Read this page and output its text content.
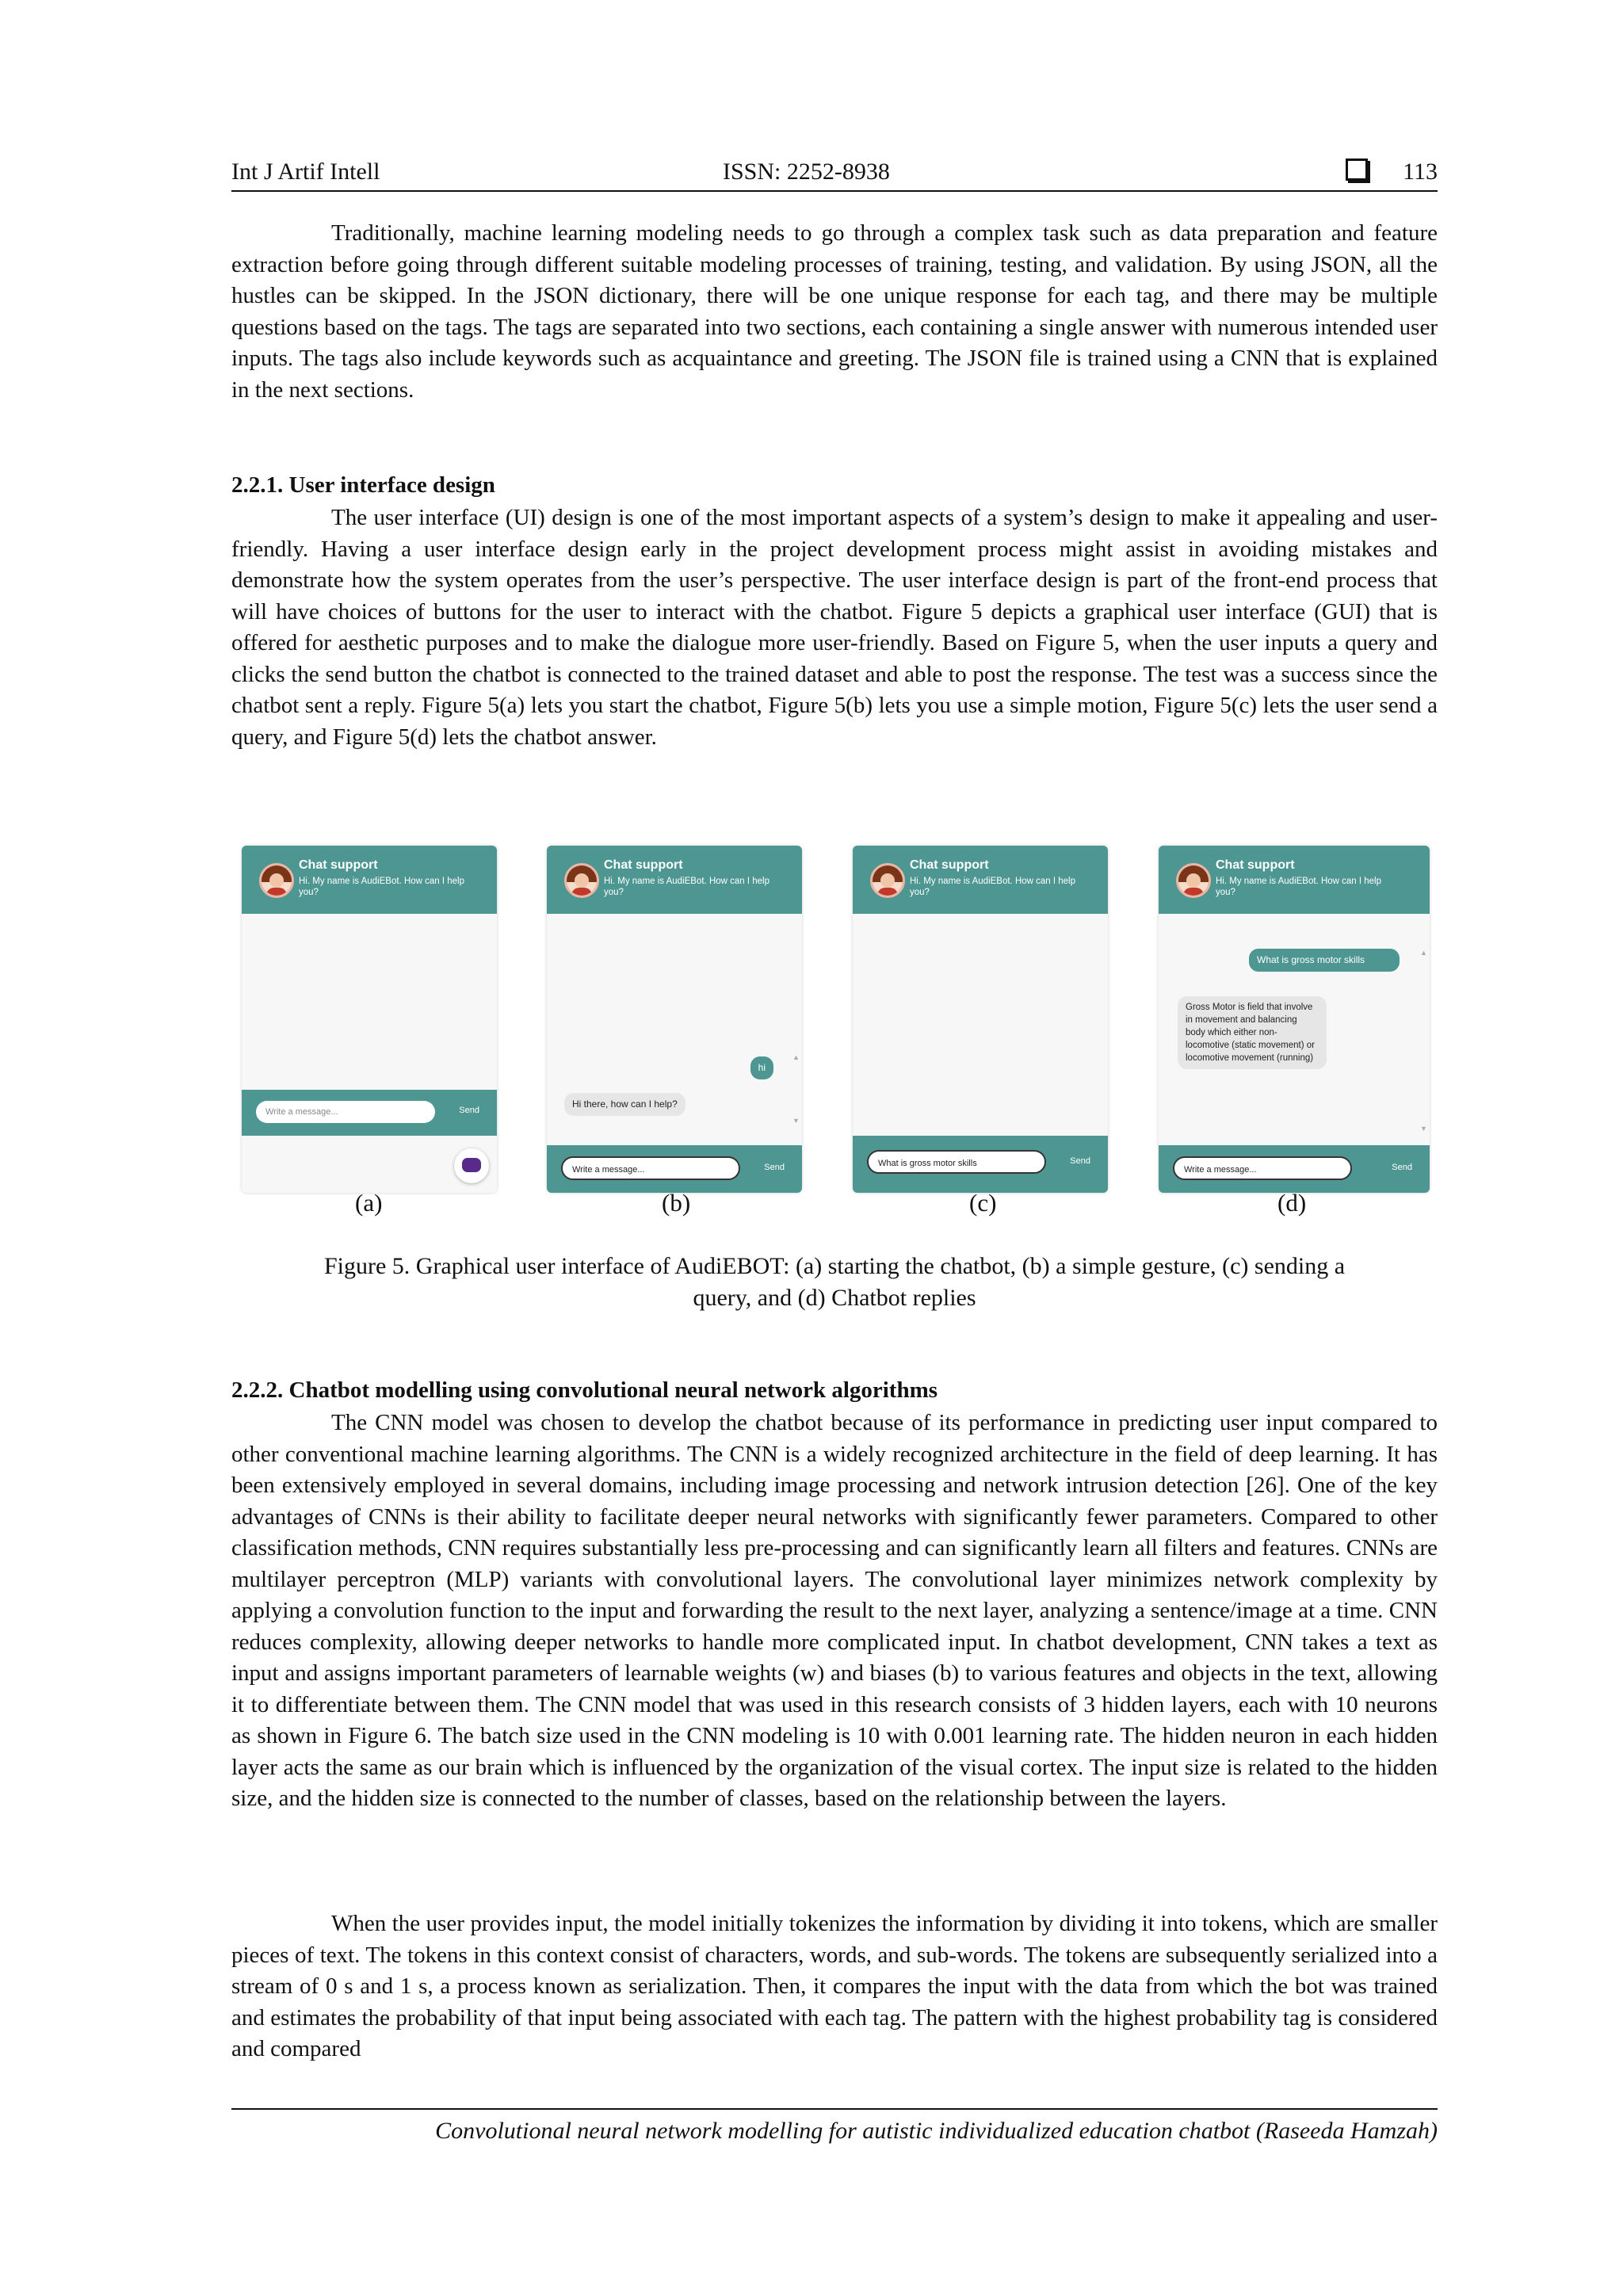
Int J Artif Intell	ISSN: 2252-8938	113
Traditionally, machine learning modeling needs to go through a complex task such as data preparation and feature extraction before going through different suitable modeling processes of training, testing, and validation. By using JSON, all the hustles can be skipped. In the JSON dictionary, there will be one unique response for each tag, and there may be multiple questions based on the tags. The tags are separated into two sections, each containing a single answer with numerous intended user inputs. The tags also include keywords such as acquaintance and greeting. The JSON file is trained using a CNN that is explained in the next sections.
2.2.1. User interface design
The user interface (UI) design is one of the most important aspects of a system’s design to make it appealing and user-friendly. Having a user interface design early in the project development process might assist in avoiding mistakes and demonstrate how the system operates from the user’s perspective. The user interface design is part of the front-end process that will have choices of buttons for the user to interact with the chatbot. Figure 5 depicts a graphical user interface (GUI) that is offered for aesthetic purposes and to make the dialogue more user-friendly. Based on Figure 5, when the user inputs a query and clicks the send button the chatbot is connected to the trained dataset and able to post the response. The test was a success since the chatbot sent a reply. Figure 5(a) lets you start the chatbot, Figure 5(b) lets you use a simple motion, Figure 5(c) lets the user send a query, and Figure 5(d) lets the chatbot answer.
Chat support
Hi. My name is AudiEBot. How can I help you?
Write a message...	Send
Chat support
Hi. My name is AudiEBot. How can I help you?
hi
Hi there, how can I help?
▲
▼
Write a message...	Send
Chat support
Hi. My name is AudiEBot. How can I help you?
What is gross motor skills	Send
Chat support
Hi. My name is AudiEBot. How can I help you?
What is gross motor skills
Gross Motor is field that involve in movement and balancing body which either non-locomotive (static movement) or locomotive movement (running)
▲
▼
Write a message...	Send
(a)	(b)	(c)	(d)
Figure 5. Graphical user interface of AudiEBOT: (a) starting the chatbot, (b) a simple gesture, (c) sending a
query, and (d) Chatbot replies
2.2.2. Chatbot modelling using convolutional neural network algorithms
The CNN model was chosen to develop the chatbot because of its performance in predicting user input compared to other conventional machine learning algorithms. The CNN is a widely recognized architecture in the field of deep learning. It has been extensively employed in several domains, including image processing and network intrusion detection [26]. One of the key advantages of CNNs is their ability to facilitate deeper neural networks with significantly fewer parameters. Compared to other classification methods, CNN requires substantially less pre-processing and can significantly learn all filters and features. CNNs are multilayer perceptron (MLP) variants with convolutional layers. The convolutional layer minimizes network complexity by applying a convolution function to the input and forwarding the result to the next layer, analyzing a sentence/image at a time. CNN reduces complexity, allowing deeper networks to handle more complicated input. In chatbot development, CNN takes a text as input and assigns important parameters of learnable weights (w) and biases (b) to various features and objects in the text, allowing it to differentiate between them. The CNN model that was used in this research consists of 3 hidden layers, each with 10 neurons as shown in Figure 6. The batch size used in the CNN modeling is 10 with 0.001 learning rate. The hidden neuron in each hidden layer acts the same as our brain which is influenced by the organization of the visual cortex. The input size is related to the hidden size, and the hidden size is connected to the number of classes, based on the relationship between the layers.
When the user provides input, the model initially tokenizes the information by dividing it into tokens, which are smaller pieces of text. The tokens in this context consist of characters, words, and sub-words. The tokens are subsequently serialized into a stream of 0 s and 1 s, a process known as serialization. Then, it compares the input with the data from which the bot was trained and estimates the probability of that input being associated with each tag. The pattern with the highest probability tag is considered and compared
Convolutional neural network modelling for autistic individualized education chatbot (Raseeda Hamzah)
